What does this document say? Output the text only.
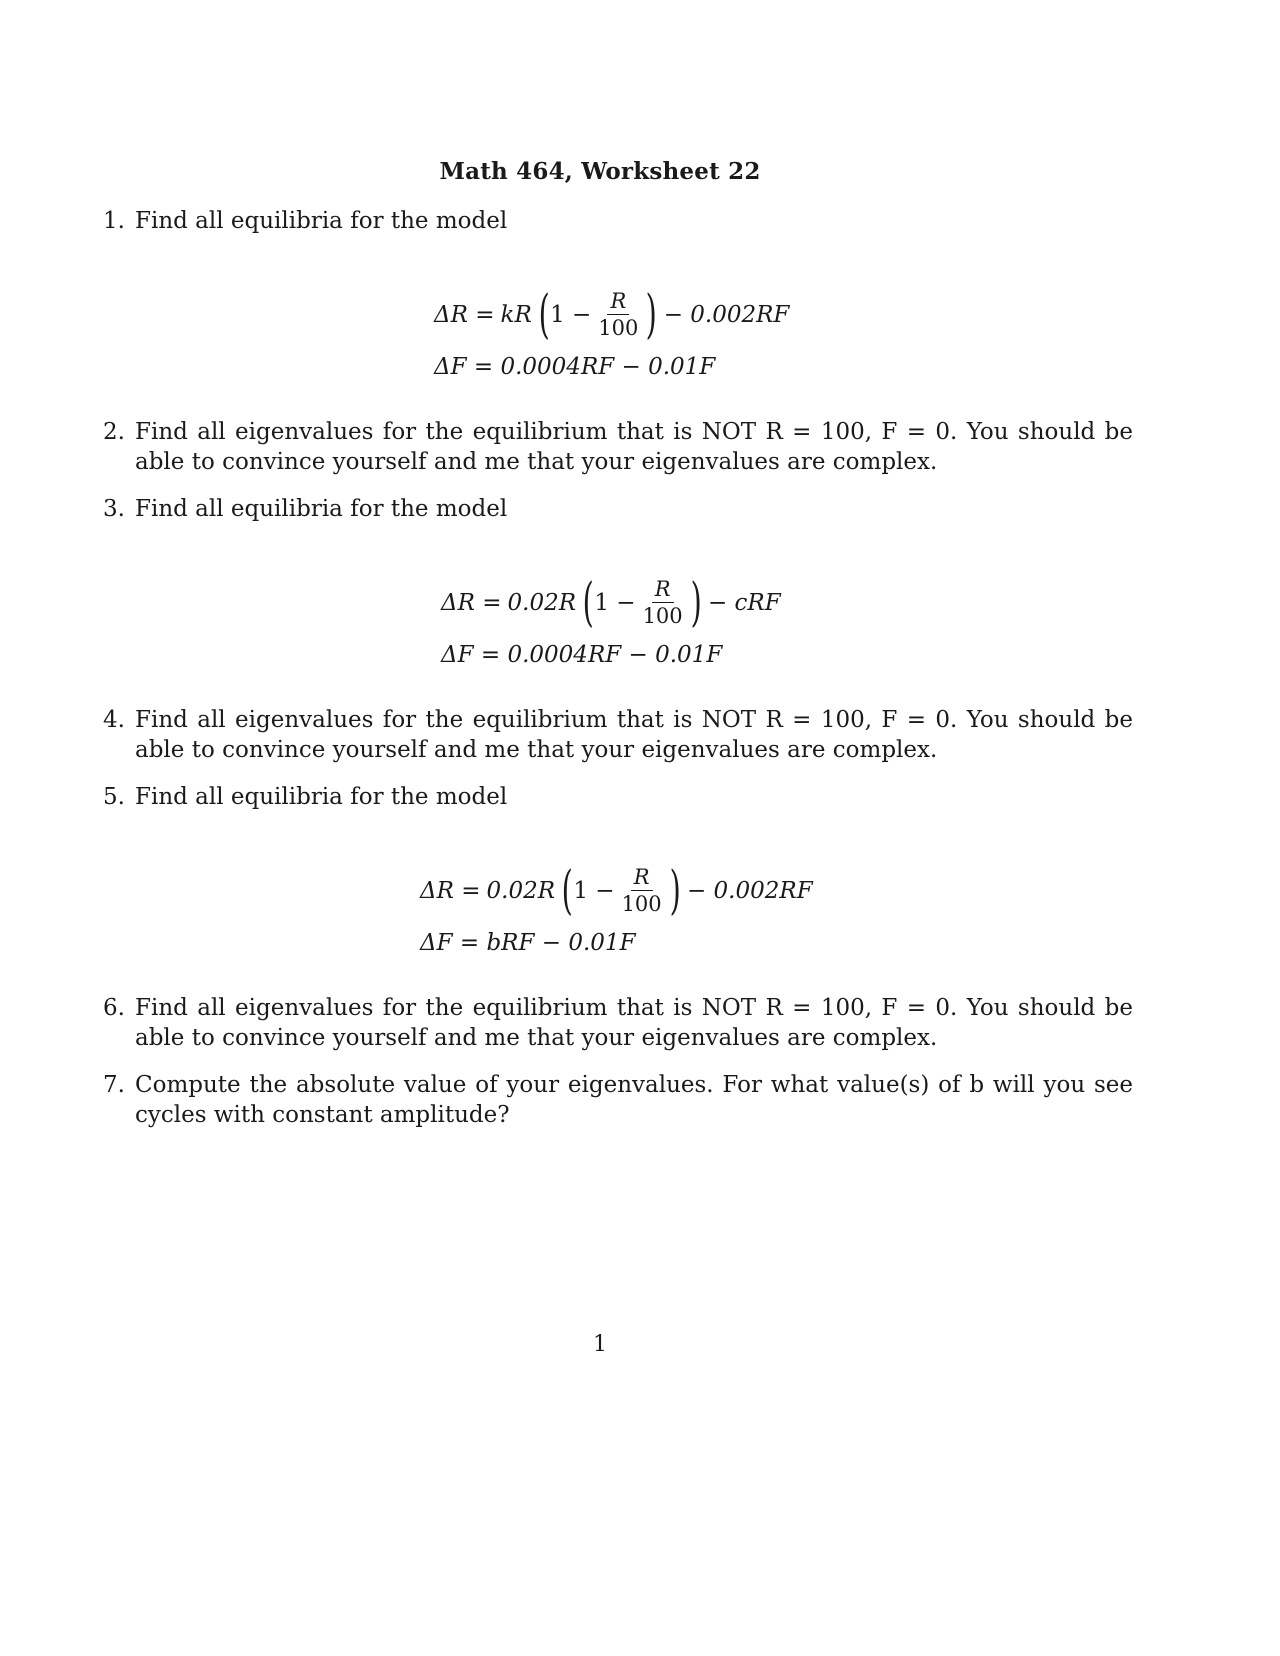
Math 464, Worksheet 22
1. Find all equilibria for the model
ΔR = kR ( $1 - \frac{R}{100}$ ) − 0.002RF
ΔF = 0.0004RF − 0.01F
2. Find all eigenvalues for the equilibrium that is NOT R = 100, F = 0. You should be able to convince yourself and me that your eigenvalues are complex.
3. Find all equilibria for the model
ΔR = 0.02R ( $1 - \frac{R}{100}$ ) − cRF
ΔF = 0.0004RF − 0.01F
4. Find all eigenvalues for the equilibrium that is NOT R = 100, F = 0. You should be able to convince yourself and me that your eigenvalues are complex.
5. Find all equilibria for the model
ΔR = 0.02R ( $1 - \frac{R}{100}$ ) − 0.002RF
ΔF = bRF − 0.01F
6. Find all eigenvalues for the equilibrium that is NOT R = 100, F = 0. You should be able to convince yourself and me that your eigenvalues are complex.
7. Compute the absolute value of your eigenvalues. For what value(s) of b will you see cycles with constant amplitude?
1
